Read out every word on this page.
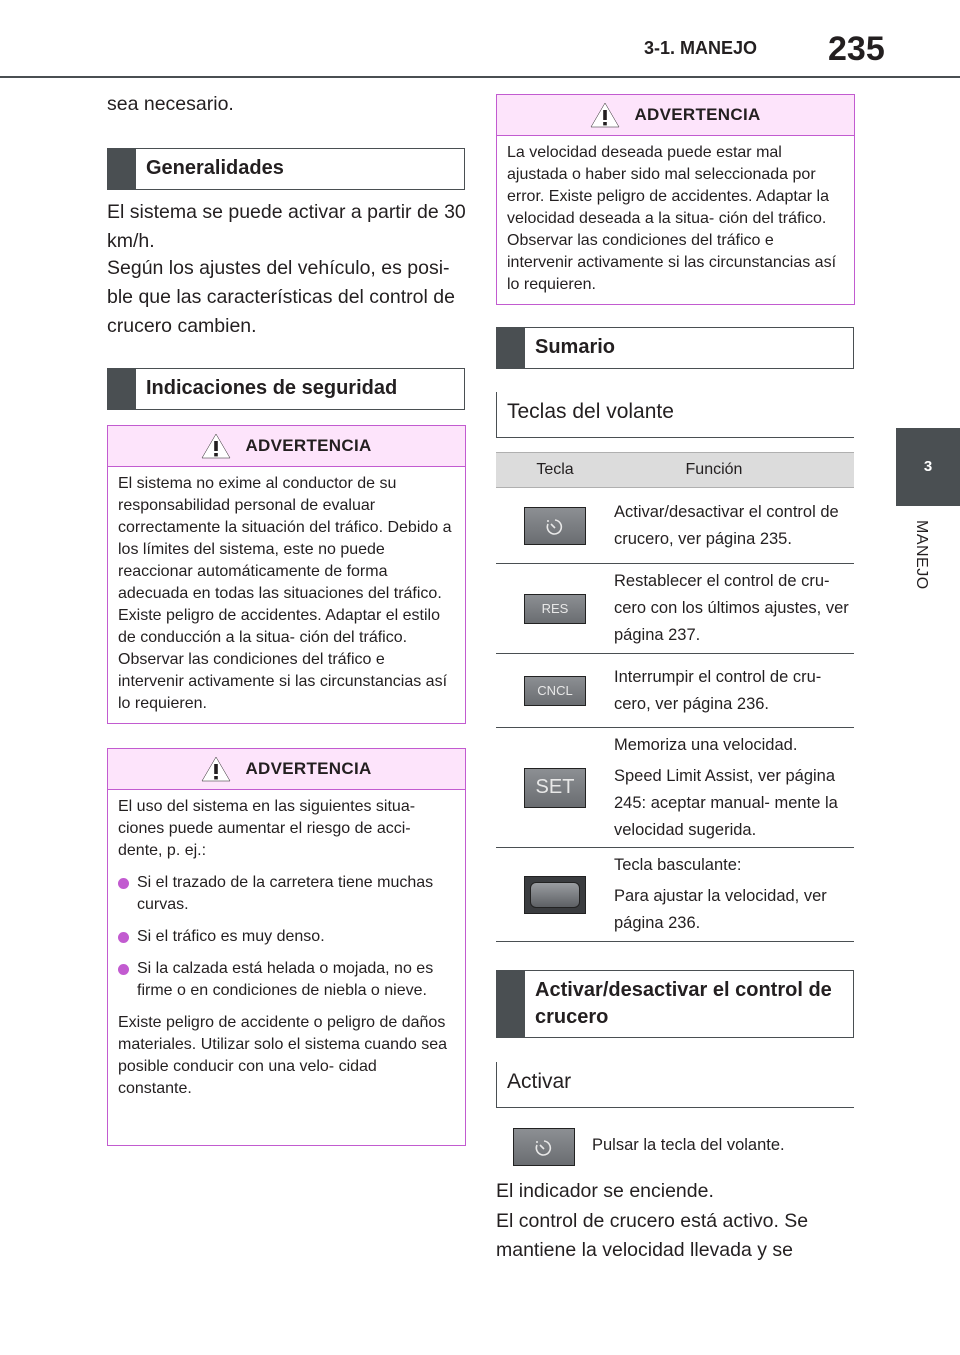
3-1. MANEJO 235
3
MANEJO

sea necesario.

Generalidades

El sistema se puede activar a partir de 30 km/h.

Según los ajustes del vehículo, es posi- ble que las características del control de crucero cambien.

Indicaciones de seguridad
ADVERTENCIA

El sistema no exime al conductor de su responsabilidad personal de evaluar correctamente la situación del tráfico. Debido a los límites del sistema, este no puede reaccionar automáticamente de forma adecuada en todas las situaciones del tráfico. Existe peligro de accidentes. Adaptar el estilo de conducción a la situa- ción del tráfico. Observar las condiciones del tráfico e intervenir activamente si las circunstancias así lo requieren.

ADVERTENCIA

El uso del sistema en las siguientes situa- ciones puede aumentar el riesgo de acci- dente, p. ej.:

Si el trazado de la carretera tiene muchas curvas.
Si el tráfico es muy denso.
Si la calzada está helada o mojada, no es firme o en condiciones de niebla o nieve.

Existe peligro de accidente o peligro de daños materiales. Utilizar solo el sistema cuando sea posible conducir con una velo- cidad constante.

ADVERTENCIA

La velocidad deseada puede estar mal ajustada o haber sido mal seleccionada por error. Existe peligro de accidentes. Adaptar la velocidad deseada a la situa- ción del tráfico. Observar las condiciones del tráfico e intervenir activamente si las circunstancias así lo requieren.

Sumario
Teclas del volante
Tecla	Función

Activar/desactivar el control de crucero, ver página 235.

RES

Restablecer el control de cru- cero con los últimos ajustes, ver página 237.

CNCL

Interrumpir el control de cru- cero, ver página 236.

SET

Memoriza una velocidad.

Speed Limit Assist, ver página 245: aceptar manual- mente la velocidad sugerida.

Tecla basculante:

Para ajustar la velocidad, ver página 236.

Activar/desactivar el control de crucero
Activar
Pulsar la tecla del volante.

El indicador se enciende.

El control de crucero está activo. Se mantiene la velocidad llevada y se
